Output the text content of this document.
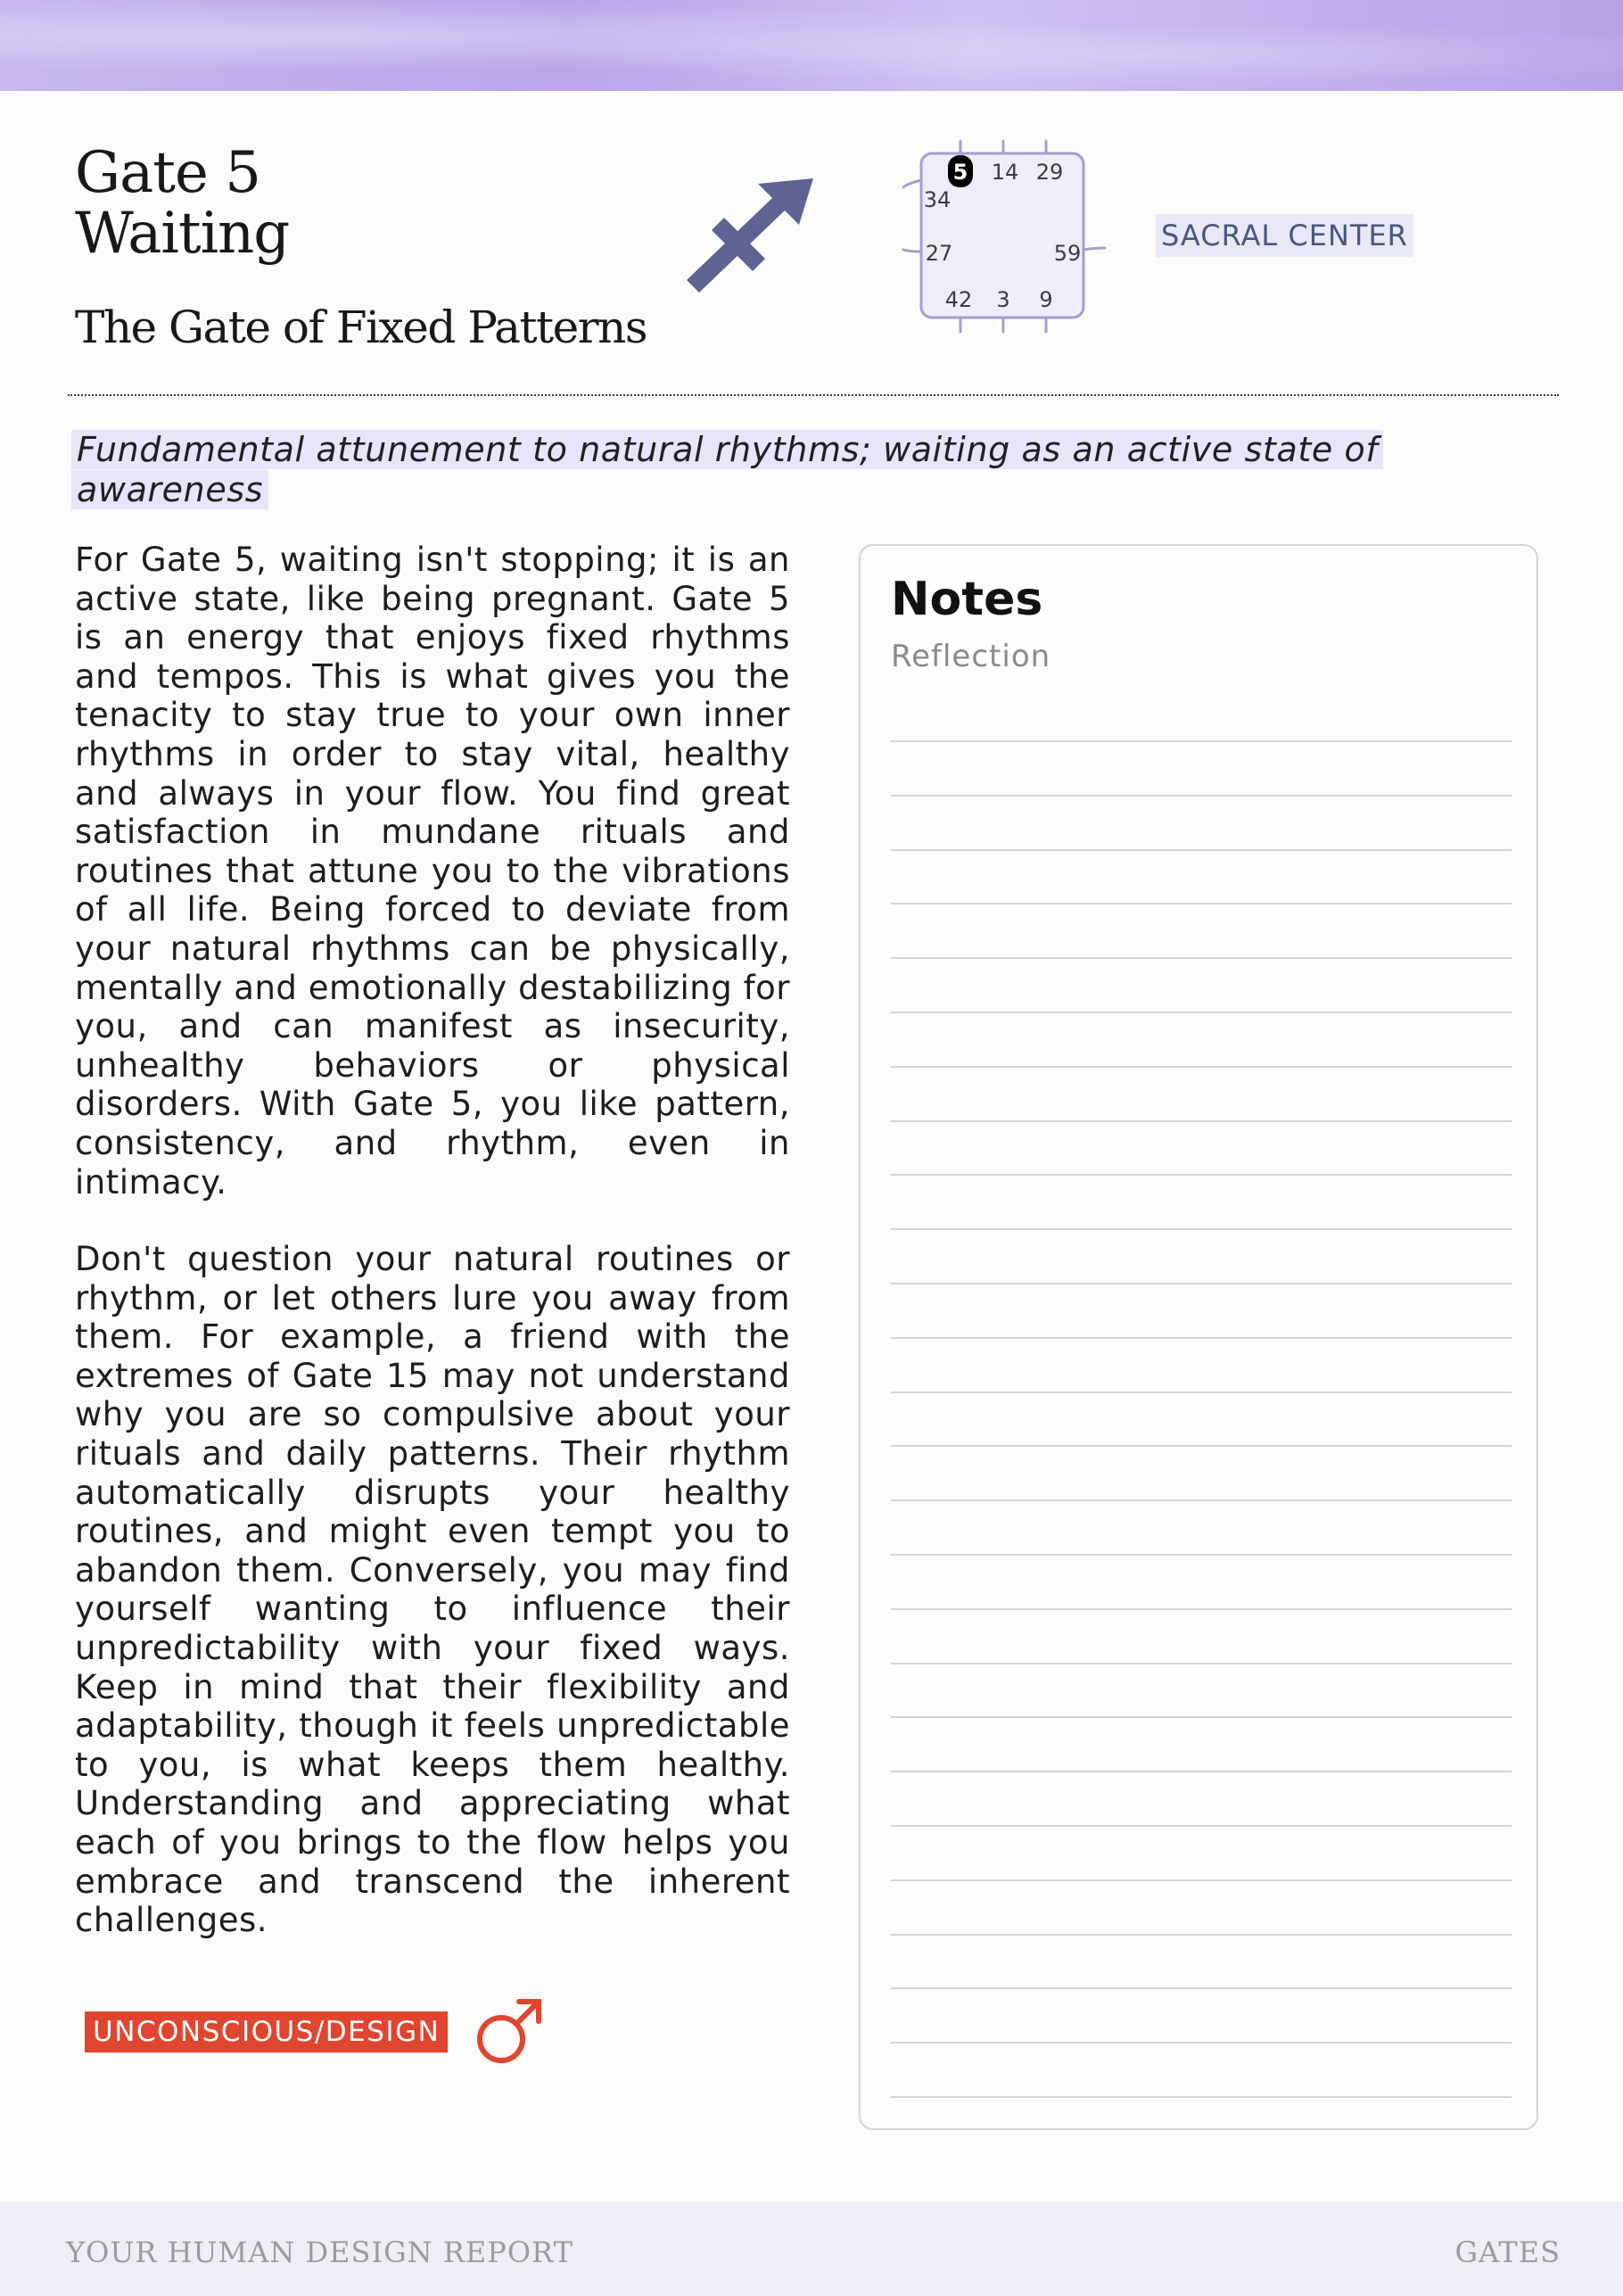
Gate 5
Waiting
The Gate of Fixed Patterns
5 14 29
34
27	59
42 3 9
SACRAL CENTER
Fundamental attunement to natural rhythms; waiting as an active state of awareness

For Gate 5, waiting isn't stopping; it is an active state, like being pregnant. Gate 5 is an energy that enjoys fixed rhythms and tempos. This is what gives you the tenacity to stay true to your own inner rhythms in order to stay vital, healthy and always in your flow. You find great satisfaction in mundane rituals and routines that attune you to the vibrations of all life. Being forced to deviate from your natural rhythms can be physically, mentally and emotionally destabilizing for you, and can manifest as insecurity, unhealthy behaviors or physical disorders. With Gate 5, you like pattern, consistency, and rhythm, even in intimacy.

Don't question your natural routines or rhythm, or let others lure you away from them. For example, a friend with the extremes of Gate 15 may not understand why you are so compulsive about your rituals and daily patterns. Their rhythm automatically disrupts your healthy routines, and might even tempt you to abandon them. Conversely, you may find yourself wanting to influence their unpredictability with your fixed ways. Keep in mind that their flexibility and adaptability, though it feels unpredictable to you, is what keeps them healthy. Understanding and appreciating what each of you brings to the flow helps you embrace and transcend the inherent challenges.

UNCONSCIOUS/DESIGN
Notes
Reflection
YOUR HUMAN DESIGN REPORT	GATES
